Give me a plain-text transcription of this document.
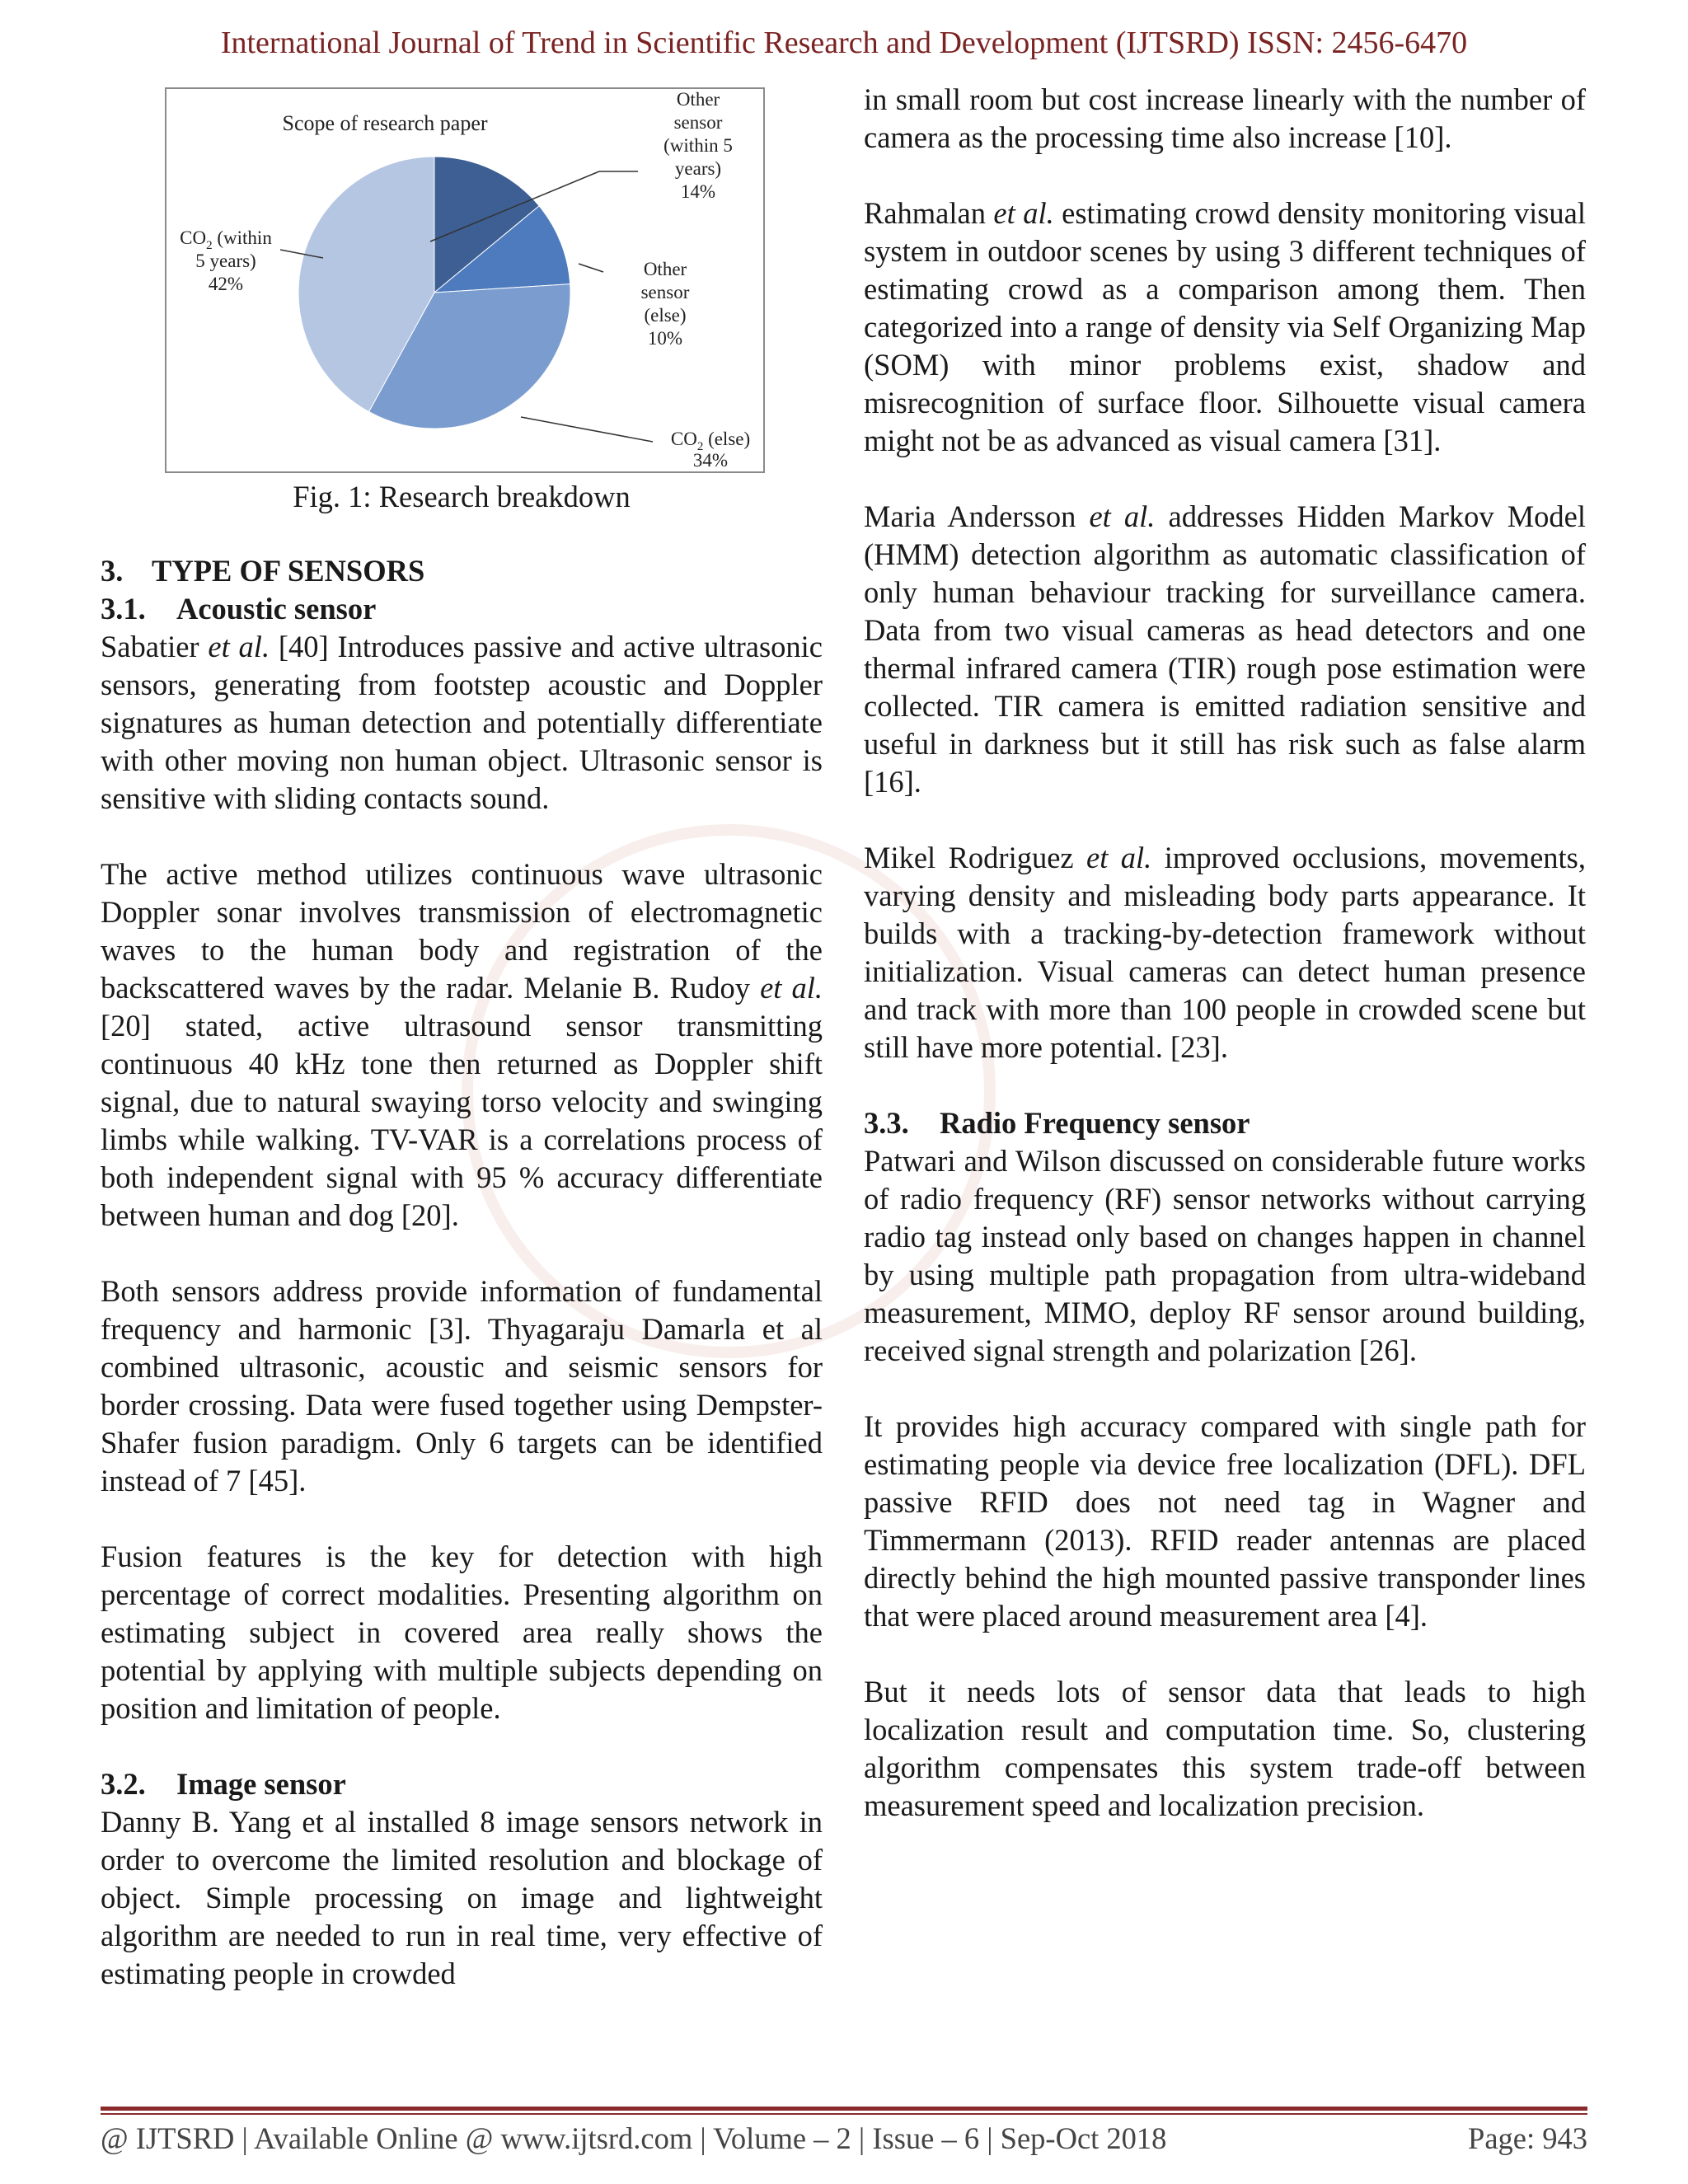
International Journal of Trend in Scientific Research and Development (IJTSRD) ISSN: 2456-6470
Scope of research paper
Other
sensor
(within 5
years)
14%
Other
sensor
(else)
10%
$CO_2$ (else)
34%
$CO_2$ (within
5 years)
42%
Fig. 1: Research breakdown
3. TYPE OF SENSORS
3.1. Acoustic sensor

Sabatier et al. [40] Introduces passive and active ultrasonic sensors, generating from footstep acoustic and Doppler signatures as human detection and potentially differentiate with other moving non human object. Ultrasonic sensor is sensitive with sliding contacts sound.

The active method utilizes continuous wave ultrasonic Doppler sonar involves transmission of electromagnetic waves to the human body and registration of the backscattered waves by the radar. Melanie B. Rudoy et al. [20] stated, active ultrasound sensor transmitting continuous 40 kHz tone then returned as Doppler shift signal, due to natural swaying torso velocity and swinging limbs while walking. TV-VAR is a correlations process of both independent signal with 95 % accuracy differentiate between human and dog [20].

Both sensors address provide information of fundamental frequency and harmonic [3]. Thyagaraju Damarla et al combined ultrasonic, acoustic and seismic sensors for border crossing. Data were fused together using Dempster-Shafer fusion paradigm. Only 6 targets can be identified instead of 7 [45].

Fusion features is the key for detection with high percentage of correct modalities. Presenting algorithm on estimating subject in covered area really shows the potential by applying with multiple subjects depending on position and limitation of people.

3.2. Image sensor

Danny B. Yang et al installed 8 image sensors network in order to overcome the limited resolution and blockage of object. Simple processing on image and lightweight algorithm are needed to run in real time, very effective of estimating people in crowded

in small room but cost increase linearly with the number of camera as the processing time also increase [10].

Rahmalan et al. estimating crowd density monitoring visual system in outdoor scenes by using 3 different techniques of estimating crowd as a comparison among them. Then categorized into a range of density via Self Organizing Map (SOM) with minor problems exist, shadow and misrecognition of surface floor. Silhouette visual camera might not be as advanced as visual camera [31].

Maria Andersson et al. addresses Hidden Markov Model (HMM) detection algorithm as automatic classification of only human behaviour tracking for surveillance camera. Data from two visual cameras as head detectors and one thermal infrared camera (TIR) rough pose estimation were collected. TIR camera is emitted radiation sensitive and useful in darkness but it still has risk such as false alarm [16].

Mikel Rodriguez et al. improved occlusions, movements, varying density and misleading body parts appearance. It builds with a tracking-by-detection framework without initialization. Visual cameras can detect human presence and track with more than 100 people in crowded scene but still have more potential. [23].

3.3. Radio Frequency sensor

Patwari and Wilson discussed on considerable future works of radio frequency (RF) sensor networks without carrying radio tag instead only based on changes happen in channel by using multiple path propagation from ultra-wideband measurement, MIMO, deploy RF sensor around building, received signal strength and polarization [26].

It provides high accuracy compared with single path for estimating people via device free localization (DFL). DFL passive RFID does not need tag in Wagner and Timmermann (2013). RFID reader antennas are placed directly behind the high mounted passive transponder lines that were placed around measurement area [4].

But it needs lots of sensor data that leads to high localization result and computation time. So, clustering algorithm compensates this system trade-off between measurement speed and localization precision.

@ IJTSRD | Available Online @ www.ijtsrd.com | Volume – 2 | Issue – 6 | Sep-Oct 2018	Page: 943
